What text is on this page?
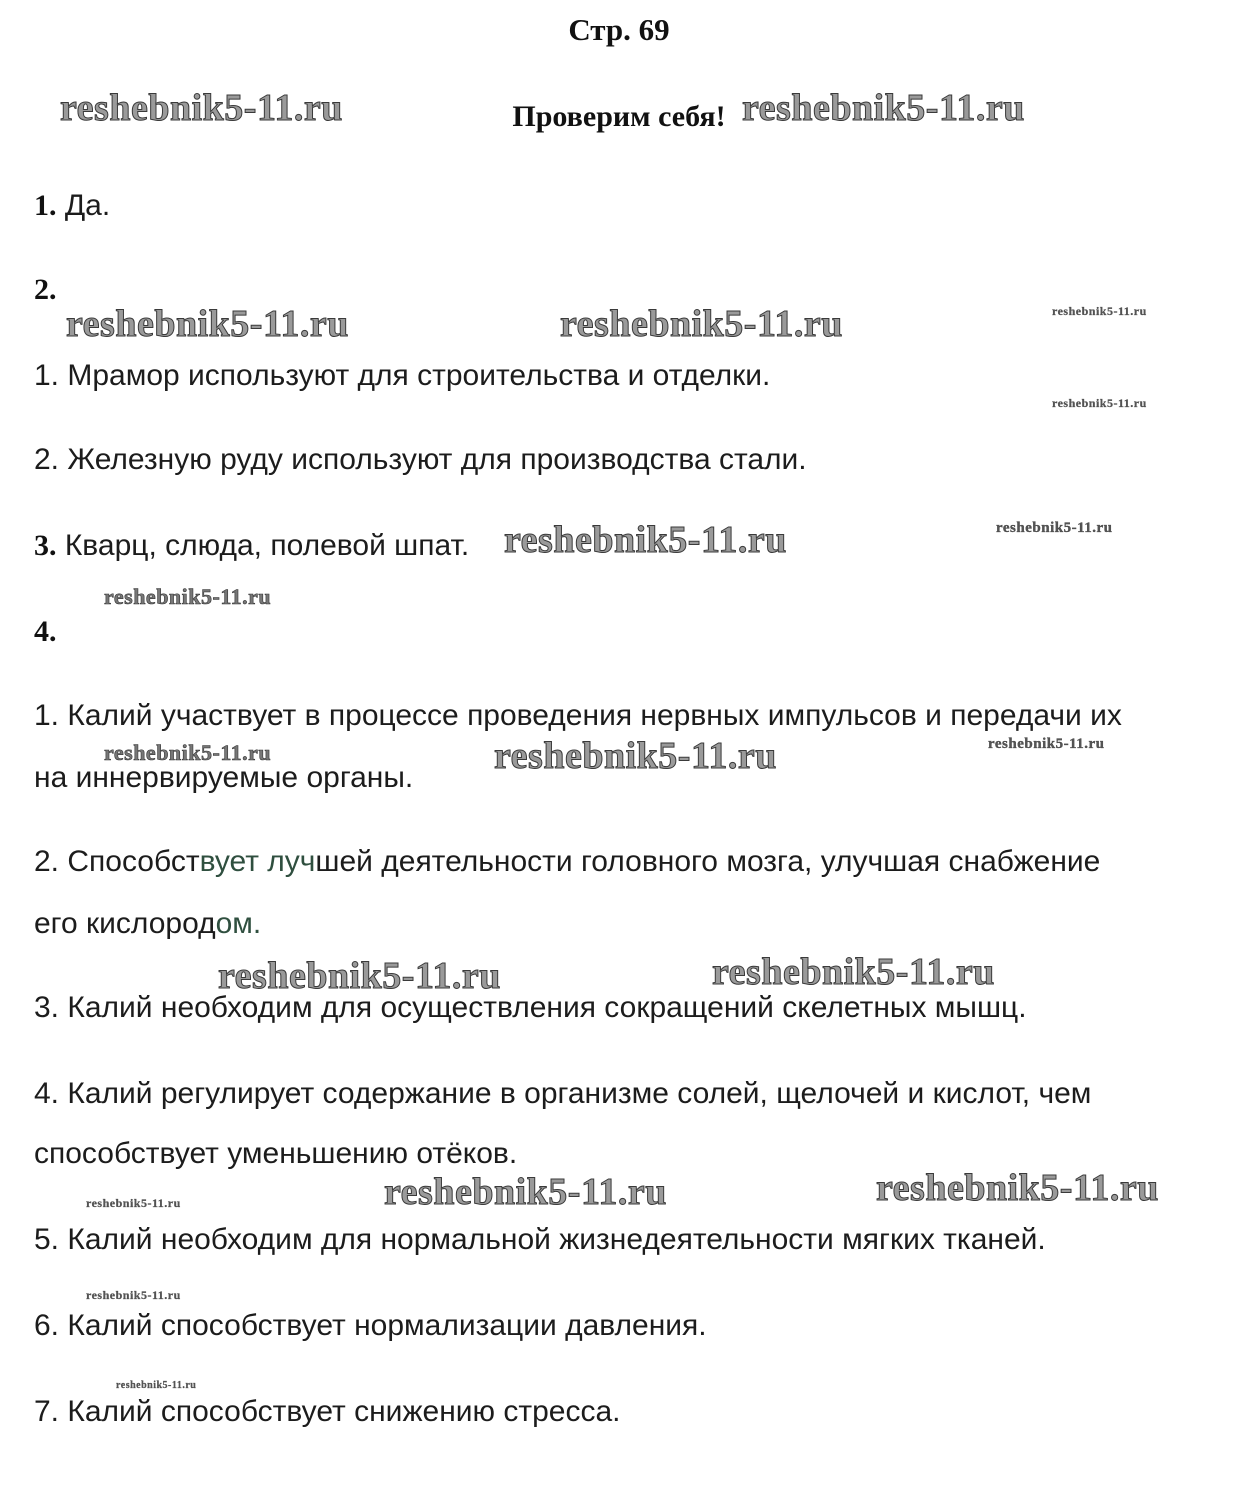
Стр. 69
Проверим себя!
1. Да.
2.
1. Мрамор используют для строительства и отделки.
2. Железную руду используют для производства стали.
3. Кварц, слюда, полевой шпат.
4.
1. Калий участвует в процессе проведения нервных импульсов и передачи их
на иннервируемые органы.
2. Способствует лучшей деятельности головного мозга, улучшая снабжение
его кислородом.
3. Калий необходим для осуществления сокращений скелетных мышц.
4. Калий регулирует содержание в организме солей, щелочей и кислот, чем
способствует уменьшению отёков.
5. Калий необходим для нормальной жизнедеятельности мягких тканей.
6. Калий способствует нормализации давления.
7. Калий способствует снижению стресса.
reshebnik5-11.ru	reshebnik5-11.ru
reshebnik5-11.ru	reshebnik5-11.ru	reshebnik5-11.ru
reshebnik5-11.ru
reshebnik5-11.ru	reshebnik5-11.ru
reshebnik5-11.ru
reshebnik5-11.ru	reshebnik5-11.ru	reshebnik5-11.ru
reshebnik5-11.ru	reshebnik5-11.ru
reshebnik5-11.ru	reshebnik5-11.ru	reshebnik5-11.ru
reshebnik5-11.ru
reshebnik5-11.ru
